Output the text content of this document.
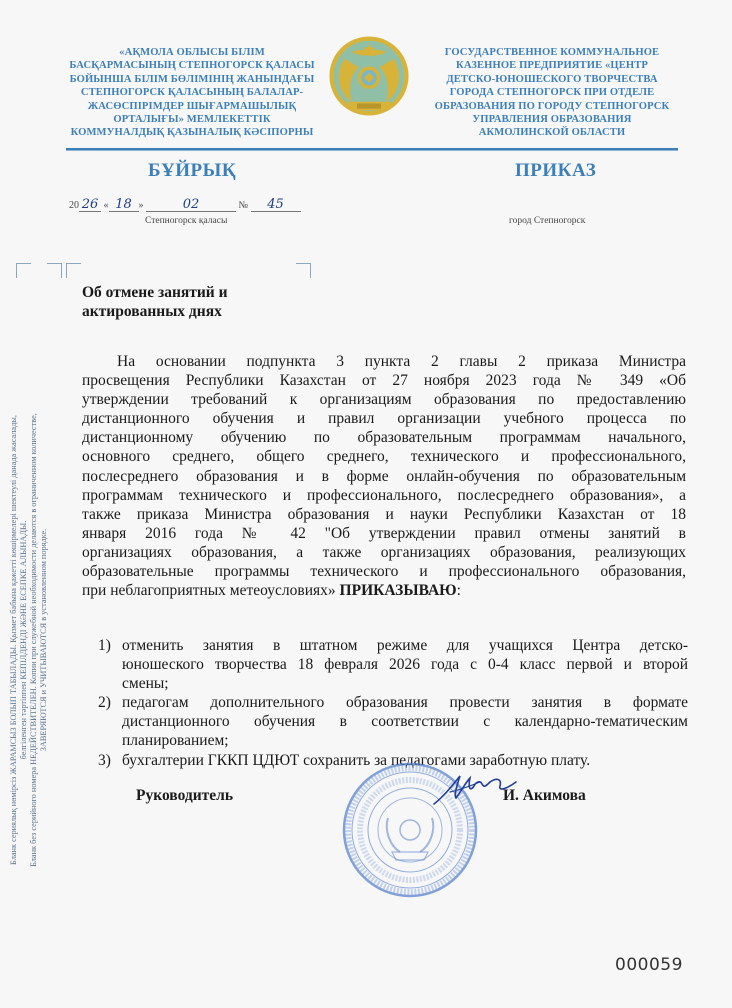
«АҚМОЛА ОБЛЫСЫ БІЛІМ
БАСҚАРМАСЫНЫҢ СТЕПНОГОРСК ҚАЛАСЫ
БОЙЫНША БІЛІМ БӨЛІМІНІҢ ЖАНЫНДАҒЫ
СТЕПНОГОРСК ҚАЛАСЫНЫҢ БАЛАЛАР-
ЖАСӨСПІРІМДЕР ШЫҒАРМАШЫЛЫҚ
ОРТАЛЫҒЫ» МЕМЛЕКЕТТІК
КОММУНАЛДЫҚ ҚАЗЫНАЛЫҚ КӘСІПОРНЫ
ГОСУДАРСТВЕННОЕ КОММУНАЛЬНОЕ
КАЗЕННОЕ ПРЕДПРИЯТИЕ «ЦЕНТР
ДЕТСКО-ЮНОШЕСКОГО ТВОРЧЕСТВА
ГОРОДА СТЕПНОГОРСК ПРИ ОТДЕЛЕ
ОБРАЗОВАНИЯ ПО ГОРОДУ СТЕПНОГОРСК
УПРАВЛЕНИЯ ОБРАЗОВАНИЯ
АКМОЛИНСКОЙ ОБЛАСТИ
БҰЙРЫҚ	ПРИКАЗ
20 26 « 18 »	02	№ 45
Степногорск қаласы	город Степногорск
Об отмене занятий и
актированных днях
На основании подпункта 3 пункта 2 главы 2 приказа Министра
просвещения Республики Казахстан от 27 ноября 2023 года № 349 «Об
утверждении требований к организациям образования по предоставлению
дистанционного обучения и правил организации учебного процесса по
дистанционному обучению по образовательным программам начального,
основного среднего, общего среднего, технического и профессионального,
послесреднего образования и в форме онлайн-обучения по образовательным
программам технического и профессионального, послесреднего образования», а
также приказа Министра образования и науки Республики Казахстан от 18
января 2016 года № 42 "Об утверждении правил отмены занятий в
организациях образования, а также организациях образования, реализующих
образовательные программы технического и профессионального образования,
при неблагоприятных метеоусловиях» ПРИКАЗЫВАЮ:
1) отменить занятия в штатном режиме для учащихся Центра детско-
юношеского творчества 18 февраля 2026 года с 0-4 класс первой и второй
смены;
2) педагогам дополнительного образования провести занятия в формате
дистанционного обучения в соответствии с календарно-тематическим
планированием;
3) бухгалтерии ГККП ЦДЮТ сохранить за педагогами заработную плату.
Руководитель	И. Акимова
Бланк сериялық нөмірсіз ЖАРАМСЫЗ БОЛЫП ТАБЫЛАДЫ. Қызмет бабына қажетті көшірмелері шектеулі данада жасалады, белгіленген тәртіппен КЕПІЛДЕНДІ ЖӘНЕ ЕСЕПКЕ АЛЫНАДЫ. Бланк без серийного номера НЕДЕЙСТВИТЕЛЕН. Копии при служебной необходимости делаются в ограниченном количестве, ЗАВЕРЯЮТСЯ и УЧИТЫВАЮТСЯ в установленном порядке.
000059
